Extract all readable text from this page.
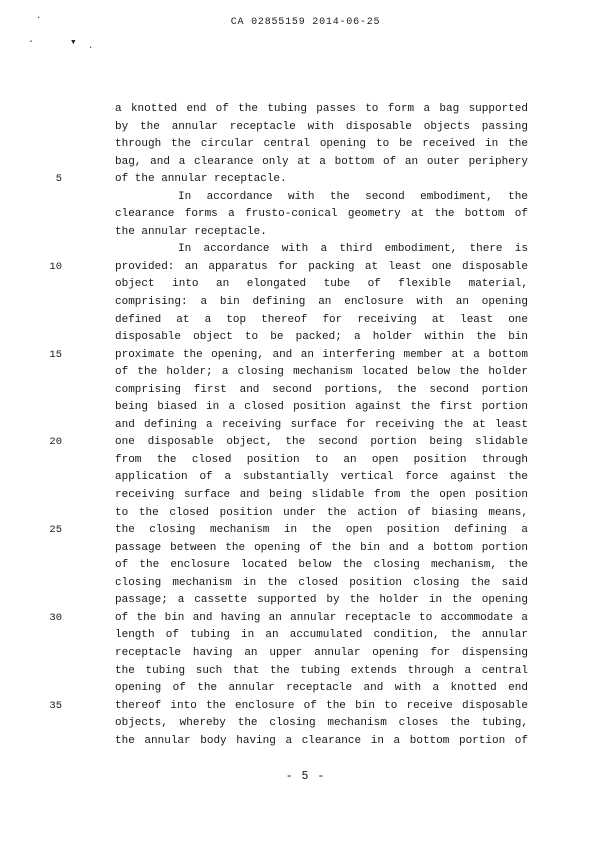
CA 02855159 2014-06-25
·
·	▾ ·
a knotted end of the tubing passes to form a bag supported
by the annular receptacle with disposable objects passing
through the circular central opening to be received in the
bag, and a clearance only at a bottom of an outer periphery
5	of the annular receptacle.
In accordance with the second embodiment, the
clearance forms a frusto-conical geometry at the bottom of
the annular receptacle.
In accordance with a third embodiment, there is
10	provided: an apparatus for packing at least one disposable
object into an elongated tube of flexible material,
comprising: a bin defining an enclosure with an opening
defined at a top thereof for receiving at least one
disposable object to be packed; a holder within the bin
15	proximate the opening, and an interfering member at a bottom
of the holder; a closing mechanism located below the holder
comprising first and second portions, the second portion
being biased in a closed position against the first portion
and defining a receiving surface for receiving the at least
20	one disposable object, the second portion being slidable
from the closed position to an open position through
application of a substantially vertical force against the
receiving surface and being slidable from the open position
to the closed position under the action of biasing means,
25	the closing mechanism in the open position defining a
passage between the opening of the bin and a bottom portion
of the enclosure located below the closing mechanism, the
closing mechanism in the closed position closing the said
passage; a cassette supported by the holder in the opening
30	of the bin and having an annular receptacle to accommodate a
length of tubing in an accumulated condition, the annular
receptacle having an upper annular opening for dispensing
the tubing such that the tubing extends through a central
opening of the annular receptacle and with a knotted end
35	thereof into the enclosure of the bin to receive disposable
objects, whereby the closing mechanism closes the tubing,
the annular body having a clearance in a bottom portion of
- 5 -
